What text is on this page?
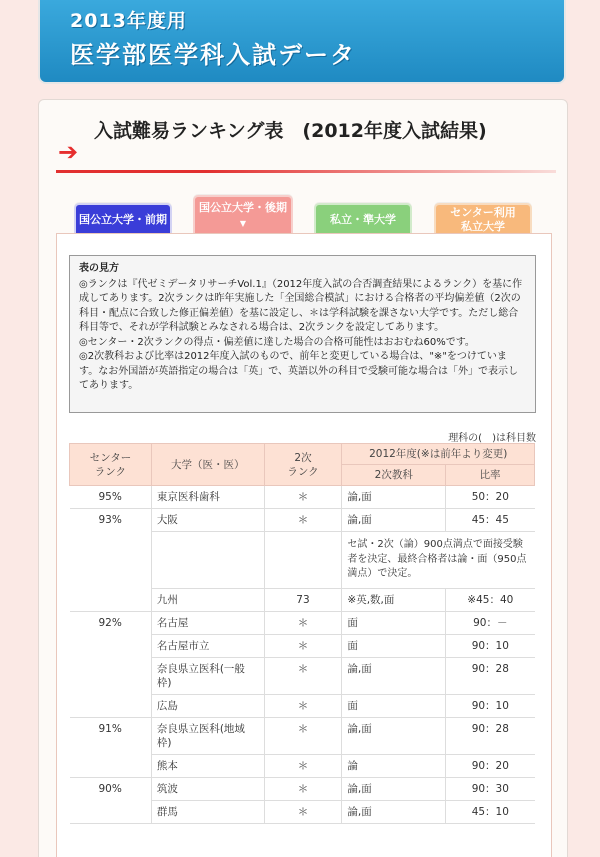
2013年度用
医学部医学科入試データ
➔
入試難易ランキング表　(2012年度入試結果)
国公立大学・前期
国公立大学・後期
▼	私立・準大学
センター利用
私立大学
表の見方
◎ランクは『代ゼミデータリサーチVol.1』（2012年度入試の合否調査結果によるランク）を基に作成してあります。2次ランクは昨年実施した「全国総合模試」における合格者の平均偏差値（2次の科目・配点に合致した修正偏差値）を基に設定し、＊は学科試験を課さない大学です。ただし総合科目等で、それが学科試験とみなされる場合は、2次ランクを設定してあります。
◎センター・2次ランクの得点・偏差値に達した場合の合格可能性はおおむね60%です。
◎2次教科および比率は2012年度入試のもので、前年と変更している場合は、"※"をつけています。なお外国語が英語指定の場合は「英」で、英語以外の科目で受験可能な場合は「外」で表示してあります。
理科の(　)は科目数
センター
ランク	大学（医・医）	2次
ランク	2012年度(※は前年より変更)	
			2次教科	比率
95%	東京医科歯科	＊	論,面	50：20
93%	大阪	＊	論,面	45：45
			セ試・2次（論）900点満点で面接受験者を決定、最終合格者は論・面（950点満点）で決定。	
	九州	73	※英,数,面	※45：40
92%	名古屋	＊	面	90：－
	名古屋市立	＊	面	90：10
	奈良県立医科(一般枠)	＊	論,面	90：28
	広島	＊	面	90：10
91%	奈良県立医科(地域枠)	＊	論,面	90：28
	熊本	＊	論	90：20
90%	筑波	＊	論,面	90：30
	群馬	＊	論,面	45：10
